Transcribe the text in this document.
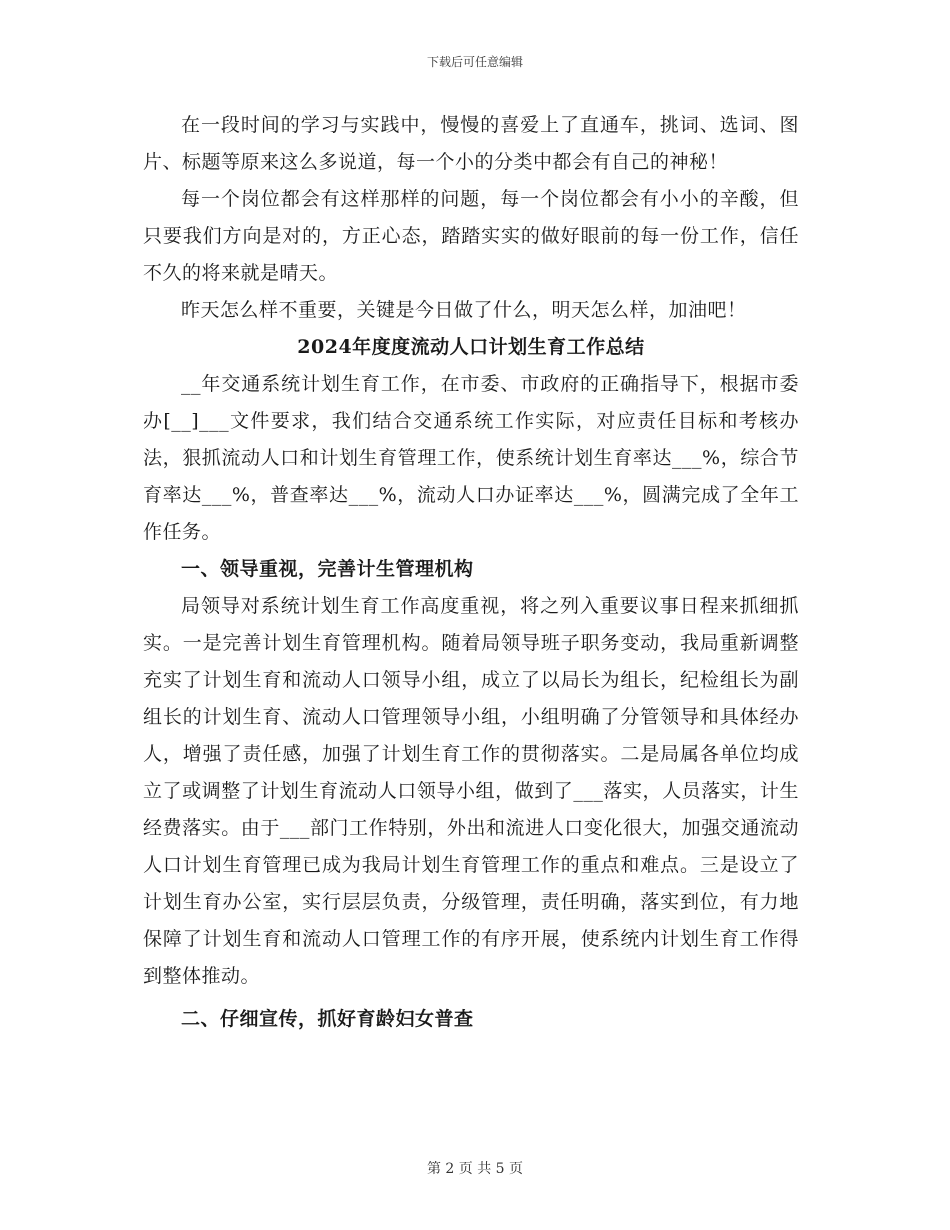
下载后可任意编辑

在一段时间的学习与实践中，慢慢的喜爱上了直通车，挑词、选词、图片、标题等原来这么多说道，每一个小的分类中都会有自己的神秘！

每一个岗位都会有这样那样的问题，每一个岗位都会有小小的辛酸，但只要我们方向是对的，方正心态，踏踏实实的做好眼前的每一份工作，信任不久的将来就是晴天。

昨天怎么样不重要，关键是今日做了什么，明天怎么样，加油吧！

2024年度度流动人口计划生育工作总结

__年交通系统计划生育工作，在市委、市政府的正确指导下，根据市委办[__]___文件要求，我们结合交通系统工作实际，对应责任目标和考核办法，狠抓流动人口和计划生育管理工作，使系统计划生育率达___%，综合节育率达___%，普查率达___%，流动人口办证率达___%，圆满完成了全年工作任务。

一、领导重视，完善计生管理机构

局领导对系统计划生育工作高度重视，将之列入重要议事日程来抓细抓实。一是完善计划生育管理机构。随着局领导班子职务变动，我局重新调整充实了计划生育和流动人口领导小组，成立了以局长为组长，纪检组长为副组长的计划生育、流动人口管理领导小组，小组明确了分管领导和具体经办人，增强了责任感，加强了计划生育工作的贯彻落实。二是局属各单位均成立了或调整了计划生育流动人口领导小组，做到了___落实，人员落实，计生经费落实。由于___部门工作特别，外出和流进人口变化很大，加强交通流动人口计划生育管理已成为我局计划生育管理工作的重点和难点。三是设立了计划生育办公室，实行层层负责，分级管理，责任明确，落实到位，有力地保障了计划生育和流动人口管理工作的有序开展，使系统内计划生育工作得到整体推动。

二、仔细宣传，抓好育龄妇女普查

第 2 页 共 5 页
